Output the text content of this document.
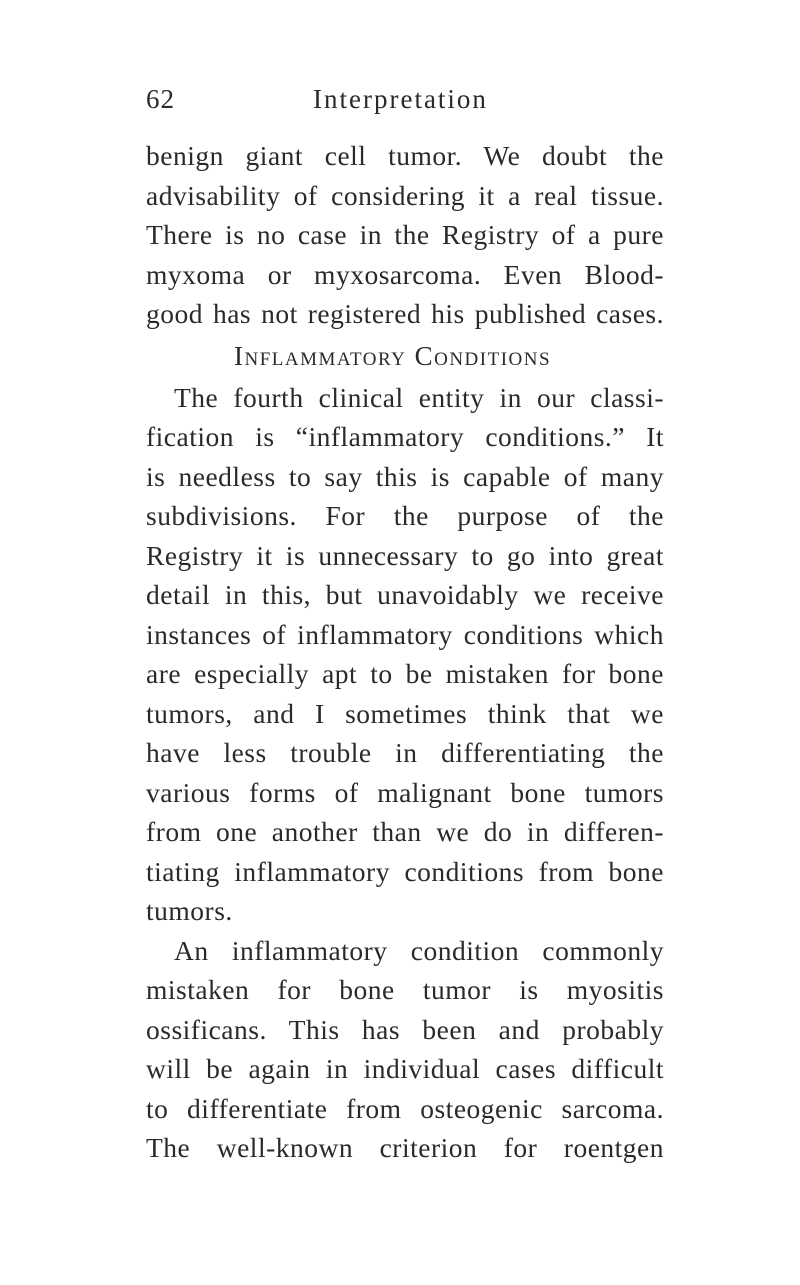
62	Interpretation
benign giant cell tumor. We doubt the
advisability of considering it a real tissue.
There is no case in the Registry of a pure
myxoma or myxosarcoma. Even Blood-
good has not registered his published cases.
Inflammatory Conditions
The fourth clinical entity in our classi-
fication is “inflammatory conditions.” It
is needless to say this is capable of many
subdivisions. For the purpose of the
Registry it is unnecessary to go into great
detail in this, but unavoidably we receive
instances of inflammatory conditions which
are especially apt to be mistaken for bone
tumors, and I sometimes think that we
have less trouble in differentiating the
various forms of malignant bone tumors
from one another than we do in differen-
tiating inflammatory conditions from bone
tumors.
An inflammatory condition commonly
mistaken for bone tumor is myositis
ossificans. This has been and probably
will be again in individual cases difficult
to differentiate from osteogenic sarcoma.
The well-known criterion for roentgen
